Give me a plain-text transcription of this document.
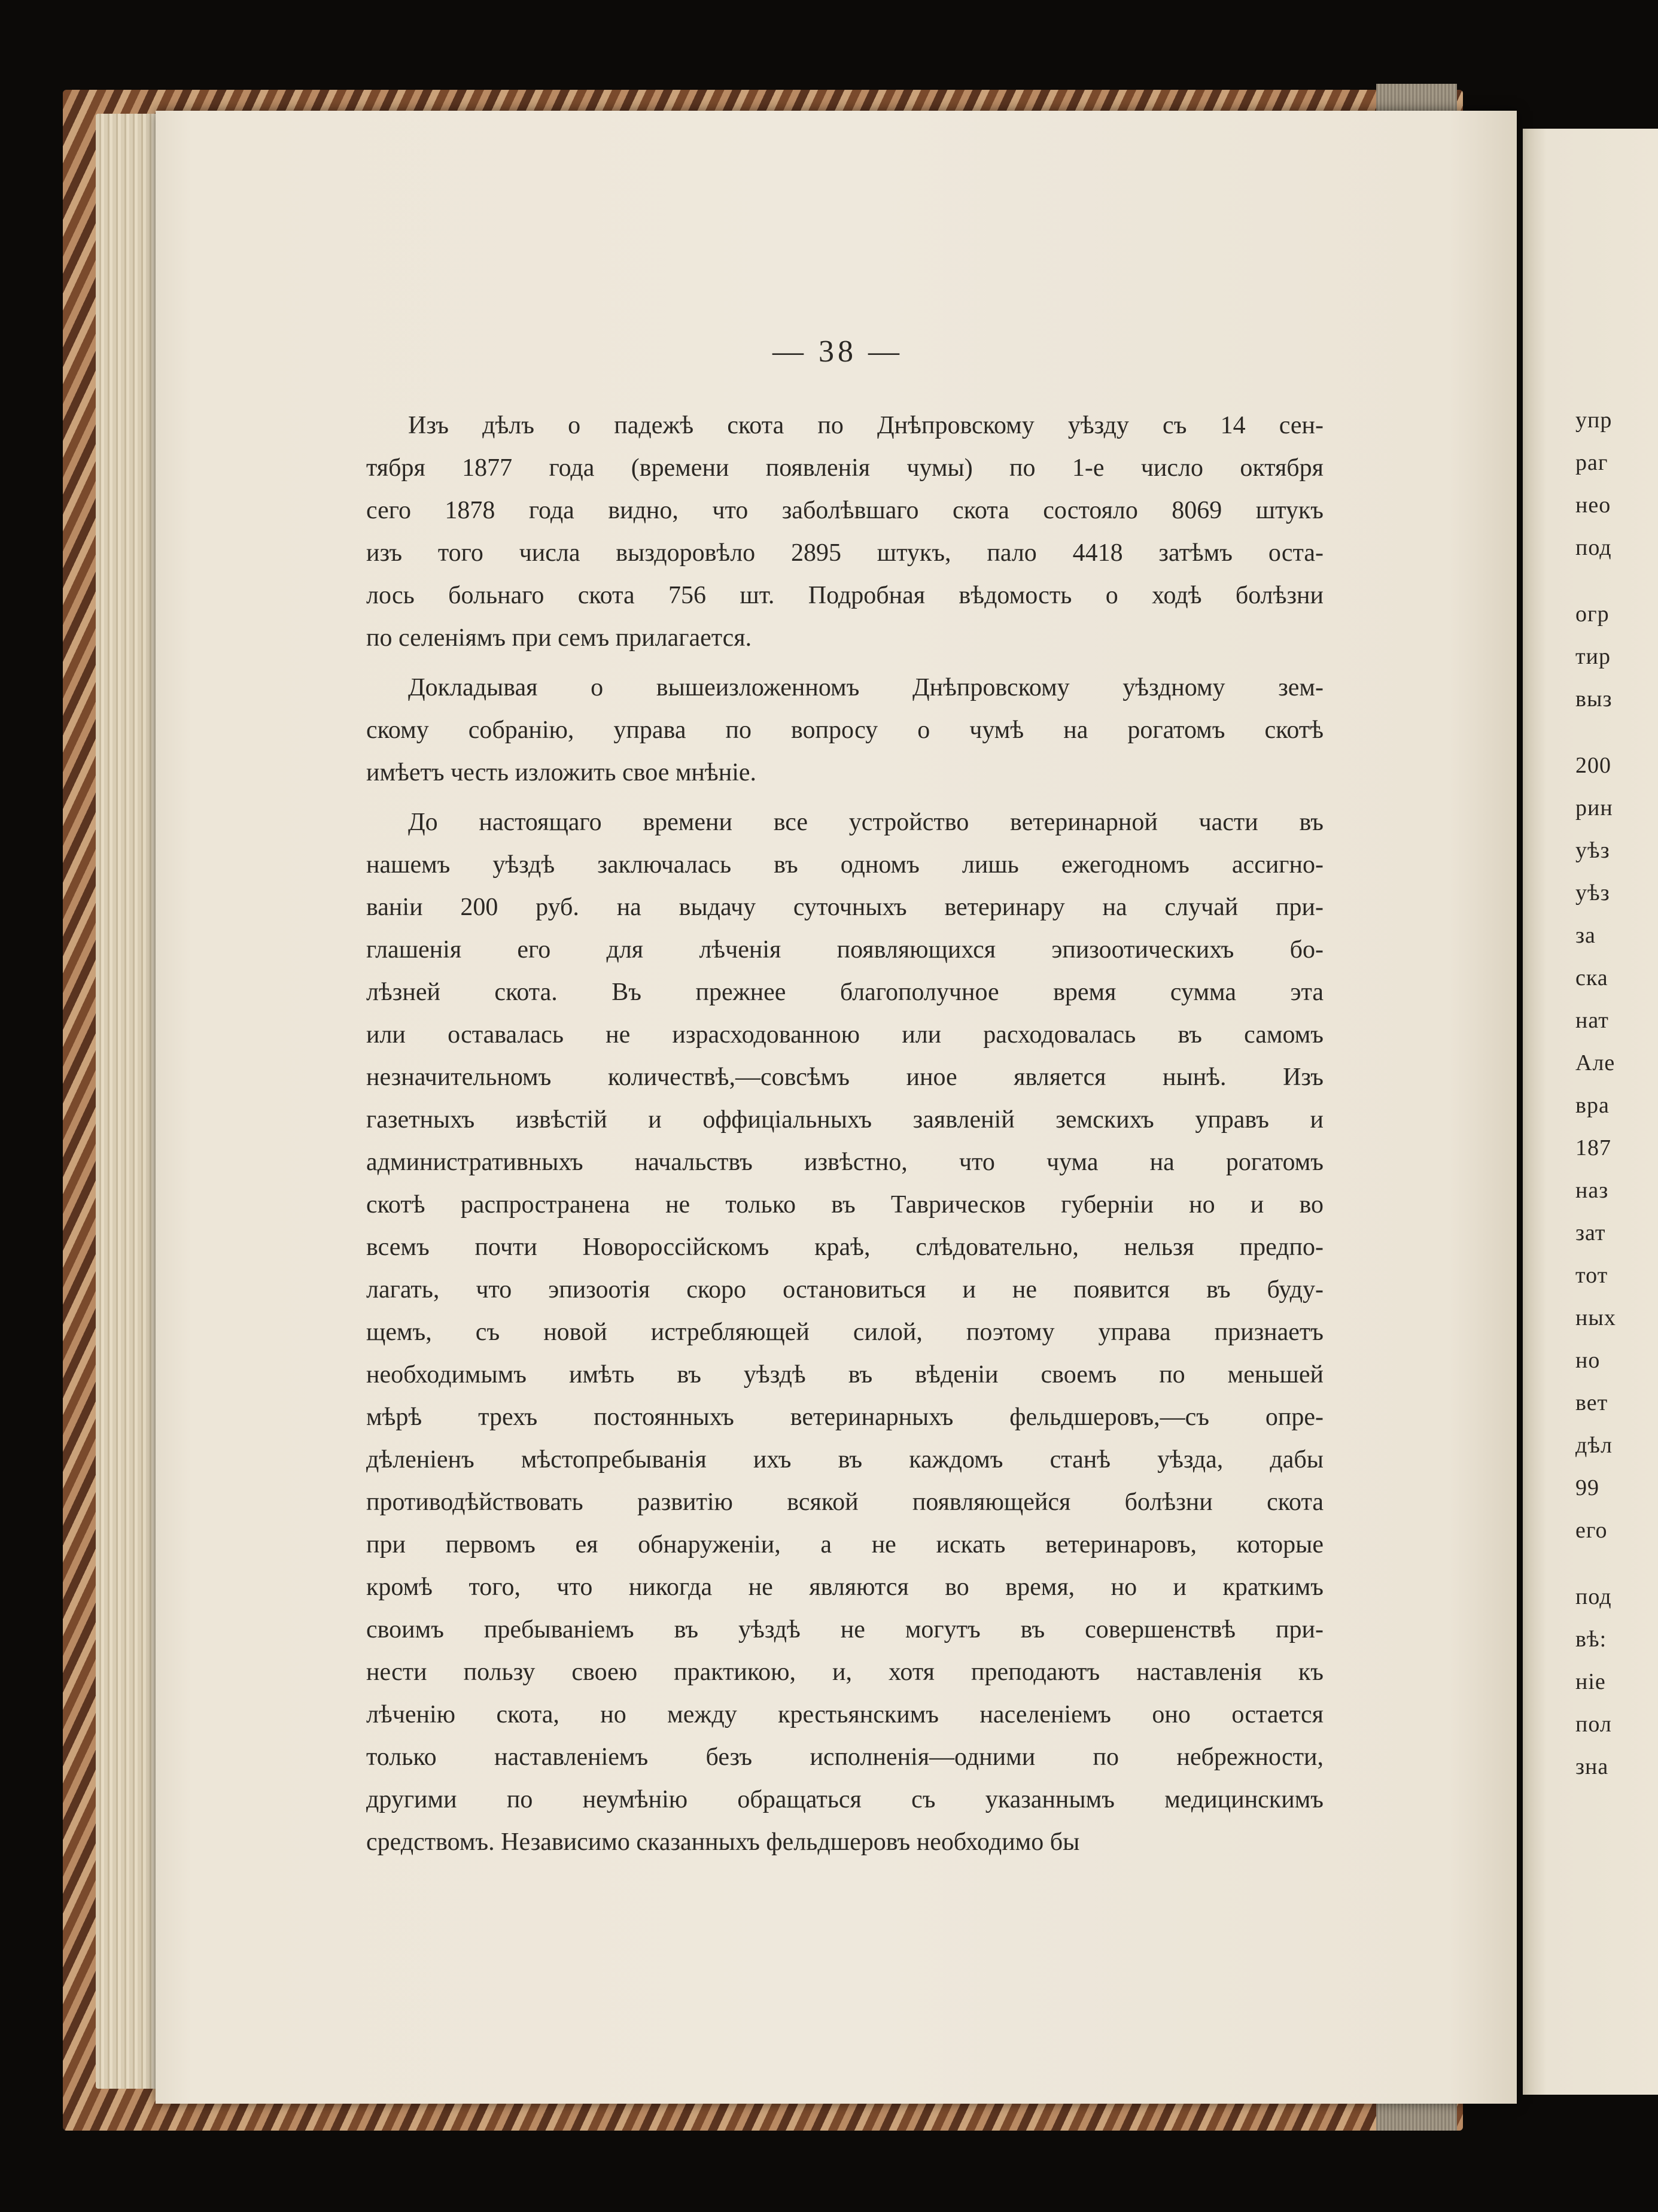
упр
раг
нео
под
огр
тир
выз
200
рин
уѣз
уѣз
за
ска
нат
Але
вра
187
наз
зат
тот
ных
но
вет
дѣл
99
его
под
вѣ:
ніе
пол
зна
— 38 —

Изъ дѣлъ о падежѣ скота по Днѣпровскому уѣзду съ 14 сен-
тября 1877 года (времени появленія чумы) по 1-е число октября
сего 1878 года видно, что заболѣвшаго скота состояло 8069 штукъ
изъ того числа выздоровѣло 2895 штукъ, пало 4418 затѣмъ оста-
лось больнаго скота 756 шт. Подробная вѣдомость о ходѣ болѣзни
по селеніямъ при семъ прилагается.

Докладывая о вышеизложенномъ Днѣпровскому уѣздному зем-
скому собранію, управа по вопросу о чумѣ на рогатомъ скотѣ
имѣетъ честь изложить свое мнѣніе.

До настоящаго времени все устройство ветеринарной части въ
нашемъ уѣздѣ заключалась въ одномъ лишь ежегодномъ ассигно-
ваніи 200 руб. на выдачу суточныхъ ветеринару на случай при-
глашенія его для лѣченія появляющихся эпизоотическихъ бо-
лѣзней скота. Въ прежнее благополучное время сумма эта
или оставалась не израсходованною или расходовалась въ самомъ
незначительномъ количествѣ,—совсѣмъ иное является нынѣ. Изъ
газетныхъ извѣстій и оффиціальныхъ заявленій земскихъ управъ и
административныхъ начальствъ извѣстно, что чума на рогатомъ
скотѣ распространена не только въ Таврическов губерніи но и во
всемъ почти Новороссійскомъ краѣ, слѣдовательно, нельзя предпо-
лагать, что эпизоотія скоро остановиться и не появится въ буду-
щемъ, съ новой истребляющей силой, поэтому управа признаетъ
необходимымъ имѣть въ уѣздѣ въ вѣденіи своемъ по меньшей
мѣрѣ трехъ постоянныхъ ветеринарныхъ фельдшеровъ,—съ опре-
дѣленіенъ мѣстопребыванія ихъ въ каждомъ станѣ уѣзда, дабы
противодѣйствовать развитію всякой появляющейся болѣзни скота
при первомъ ея обнаруженіи, а не искать ветеринаровъ, которые
кромѣ того, что никогда не являются во время, но и краткимъ
своимъ пребываніемъ въ уѣздѣ не могутъ въ совершенствѣ при-
нести пользу своею практикою, и, хотя преподаютъ наставленія къ
лѣченію скота, но между крестьянскимъ населеніемъ оно остается
только наставленіемъ безъ исполненія—одними по небрежности,
другими по неумѣнію обращаться съ указаннымъ медицинскимъ
средствомъ. Независимо сказанныхъ фельдшеровъ необходимо бы
